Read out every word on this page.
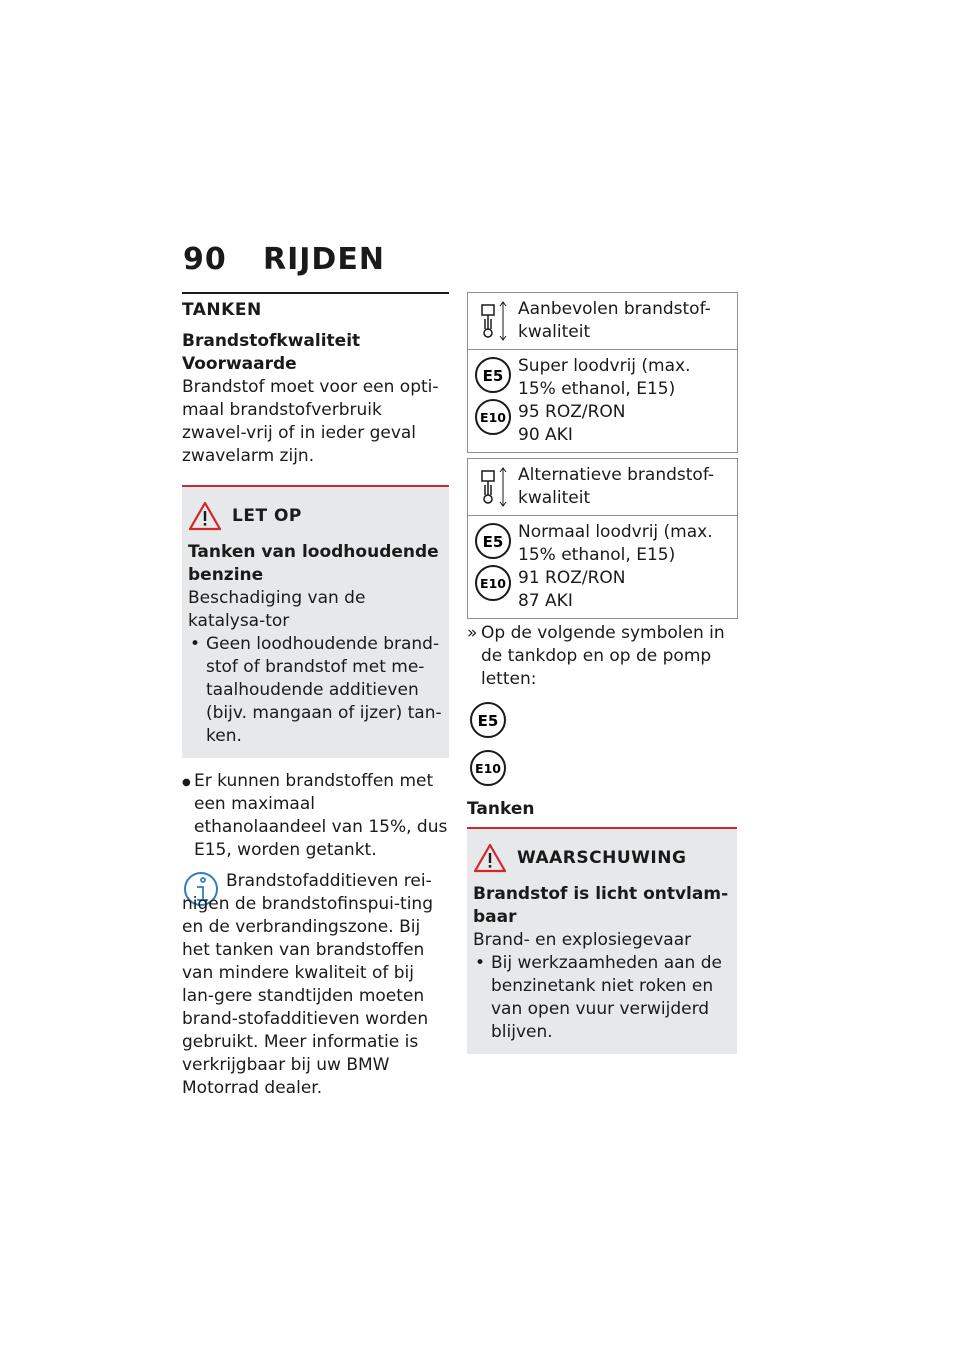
90 RIJDEN
TANKEN

Brandstofkwaliteit

Voorwaarde

Brandstof moet voor een opti-maal brandstofverbruik zwavel-vrij of in ieder geval zwavelarm zijn.

LET OP

Tanken van loodhoudende benzine

Beschadiging van de katalysa-tor

• Geen loodhoudende brand-stof of brandstof met me-taalhoudende additieven (bijv. mangaan of ijzer) tan-ken.
● Er kunnen brandstoffen met een maximaal ethanolaandeel van 15%, dus E15, worden getankt.

Brandstofadditieven rei-nigen de brandstofinspui-ting en de verbrandingszone. Bij het tanken van brandstoffen van mindere kwaliteit of bij lan-gere standtijden moeten brand-stofadditieven worden gebruikt. Meer informatie is verkrijgbaar bij uw BMW Motorrad dealer.

Aanbevolen brandstof-kwaliteit
E5
E10
Super loodvrij (max.
15% ethanol, E15)
95 ROZ/RON
90 AKI
Alternatieve brandstof-kwaliteit
E5
E10
Normaal loodvrij (max.
15% ethanol, E15)
91 ROZ/RON
87 AKI
» Op de volgende symbolen in de tankdop en op de pomp letten:
E5
E10

Tanken

WAARSCHUWING

Brandstof is licht ontvlam-baar

Brand- en explosiegevaar

• Bij werkzaamheden aan de benzinetank niet roken en van open vuur verwijderd blijven.
